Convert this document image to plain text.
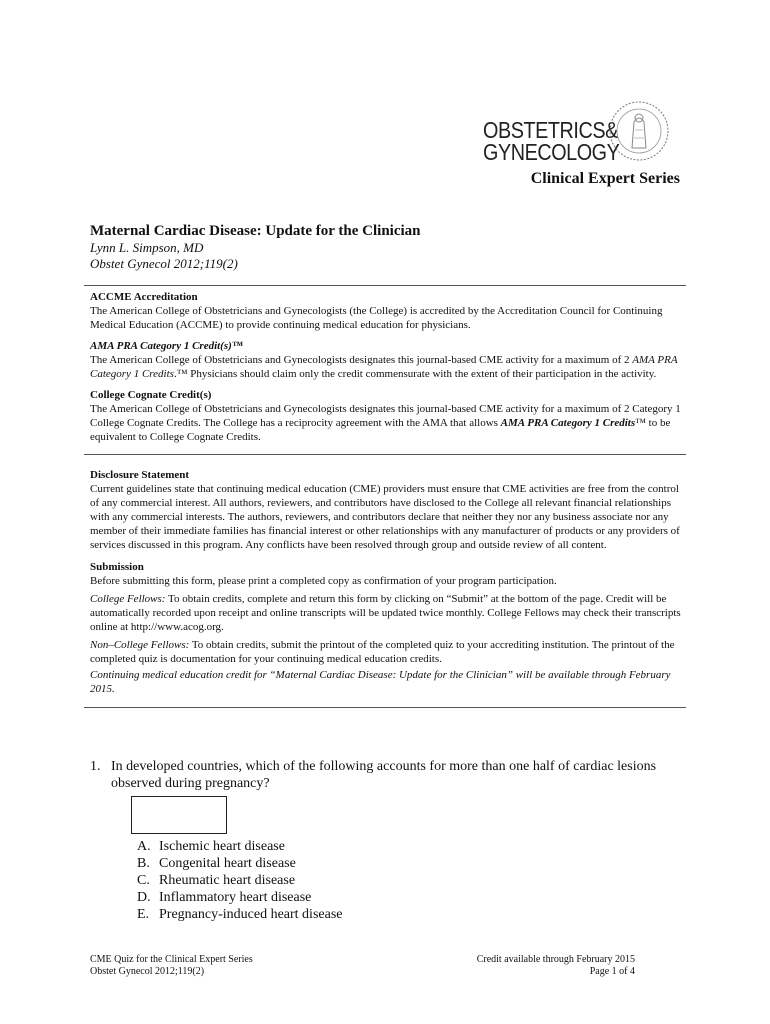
OBSTETRICS&
GYNECOLOGY
Clinical Expert Series
Maternal Cardiac Disease: Update for the Clinician
Lynn L. Simpson, MD
Obstet Gynecol 2012;119(2)
ACCME Accreditation
The American College of Obstetricians and Gynecologists (the College) is accredited by the Accreditation Council for Continuing Medical Education (ACCME) to provide continuing medical education for physicians.
AMA PRA Category 1 Credit(s)™
The American College of Obstetricians and Gynecologists designates this journal-based CME activity for a maximum of 2 AMA PRA Category 1 Credits.™ Physicians should claim only the credit commensurate with the extent of their participation in the activity.
College Cognate Credit(s)
The American College of Obstetricians and Gynecologists designates this journal-based CME activity for a maximum of 2 Category 1 College Cognate Credits. The College has a reciprocity agreement with the AMA that allows AMA PRA Category 1 Credits™ to be equivalent to College Cognate Credits.
Disclosure Statement
Current guidelines state that continuing medical education (CME) providers must ensure that CME activities are free from the control of any commercial interest. All authors, reviewers, and contributors have disclosed to the College all relevant financial relationships with any commercial interests. The authors, reviewers, and contributors declare that neither they nor any business associate nor any member of their immediate families has financial interest or other relationships with any manufacturer of products or any providers of services discussed in this program. Any conflicts have been resolved through group and outside review of all content.
Submission
Before submitting this form, please print a completed copy as confirmation of your program participation.
College Fellows: To obtain credits, complete and return this form by clicking on “Submit” at the bottom of the page. Credit will be automatically recorded upon receipt and online transcripts will be updated twice monthly. College Fellows may check their transcripts online at http://www.acog.org.
Non–College Fellows: To obtain credits, submit the printout of the completed quiz to your accrediting institution. The printout of the completed quiz is documentation for your continuing medical education credits.
Continuing medical education credit for “Maternal Cardiac Disease: Update for the Clinician” will be available through February 2015.
1. In developed countries, which of the following accounts for more than one half of cardiac lesions observed during pregnancy?
A. Ischemic heart disease
B. Congenital heart disease
C. Rheumatic heart disease
D. Inflammatory heart disease
E. Pregnancy-induced heart disease
CME Quiz for the Clinical Expert Series
Obstet Gynecol 2012;119(2)
Credit available through February 2015
Page 1 of 4
